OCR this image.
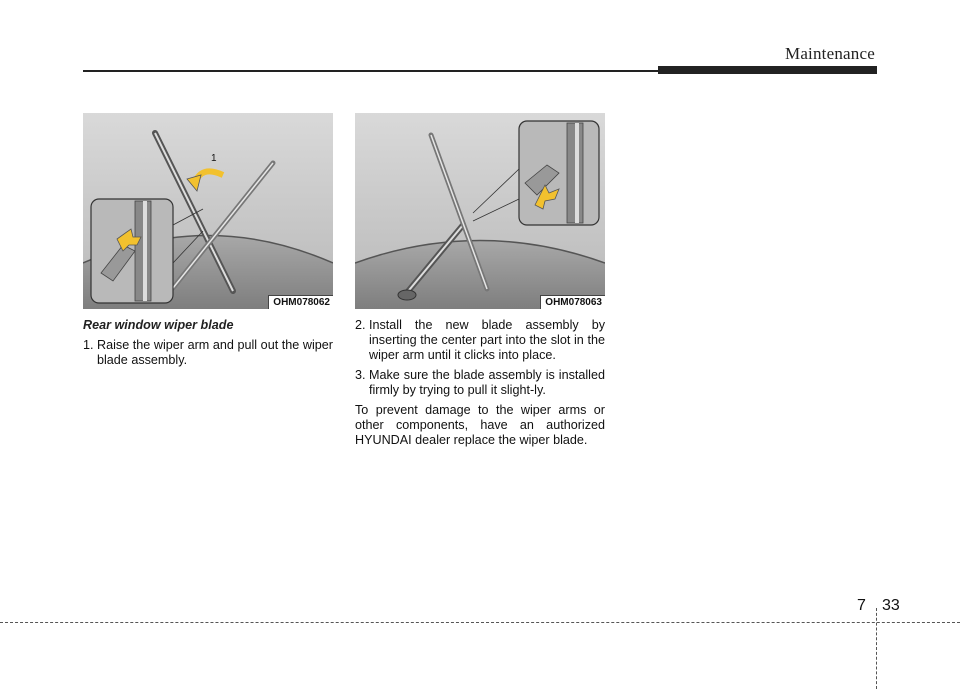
Maintenance
1
OHM078062	OHM078063
Rear window wiper blade
1. Raise the wiper arm and pull out the wiper blade assembly.
2. Install the new blade assembly by inserting the center part into the slot in the wiper arm until it clicks into place.
3. Make sure the blade assembly is installed firmly by trying to pull it slight-ly.
To prevent damage to the wiper arms or other components, have an authorized HYUNDAI dealer replace the wiper blade.
7 33
